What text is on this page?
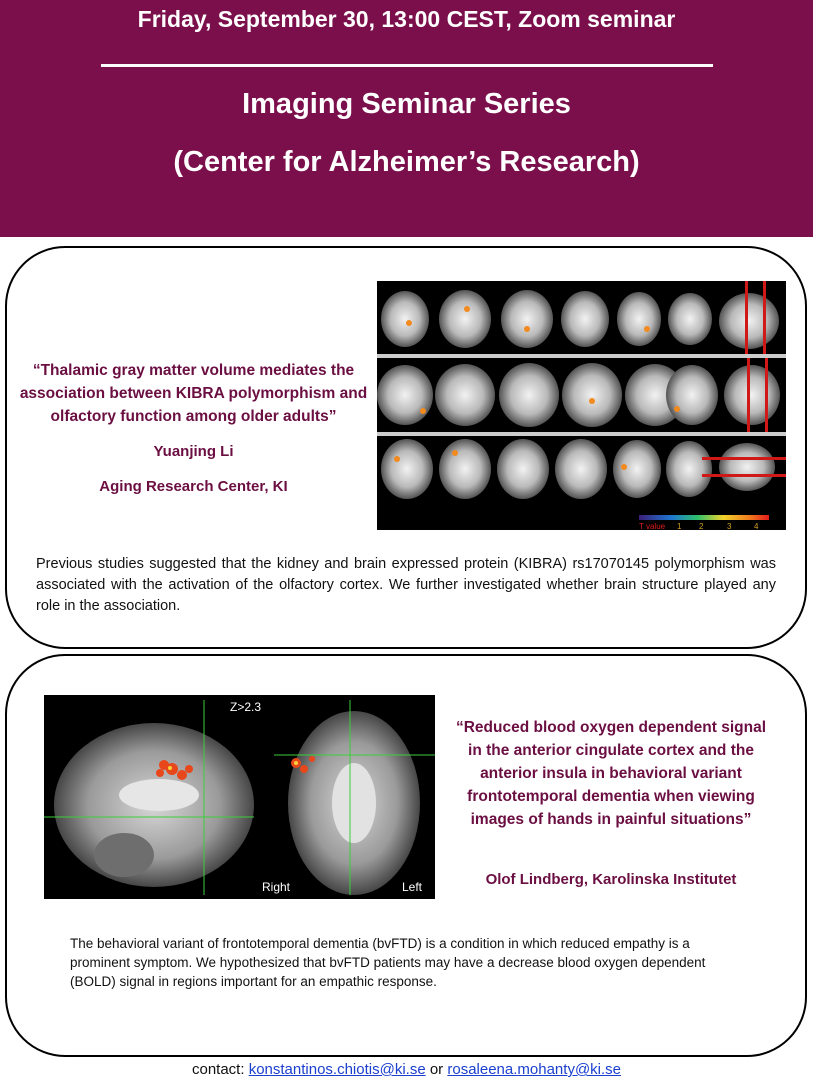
Friday, September 30, 13:00 CEST, Zoom seminar
Imaging Seminar Series
(Center for Alzheimer’s Research)
“Thalamic gray matter volume mediates the association between KIBRA polymorphism and olfactory function among older adults”
Yuanjing Li
Aging Research Center, KI
T value 1 2	3	4
Previous studies suggested that the kidney and brain expressed protein (KIBRA) rs17070145 polymorphism was associated with the activation of the olfactory cortex. We further investigated whether brain structure played any role in the association.
Z>2.3
Right	Left
“Reduced blood oxygen dependent signal in the anterior cingulate cortex and the anterior insula in behavioral variant frontotemporal dementia when viewing images of hands in painful situations”
Olof Lindberg, Karolinska Institutet
The behavioral variant of frontotemporal dementia (bvFTD) is a condition in which reduced empathy is a prominent symptom. We hypothesized that bvFTD patients may have a decrease blood oxygen dependent (BOLD) signal in regions important for an empathic response.
contact: konstantinos.chiotis@ki.se or rosaleena.mohanty@ki.se
